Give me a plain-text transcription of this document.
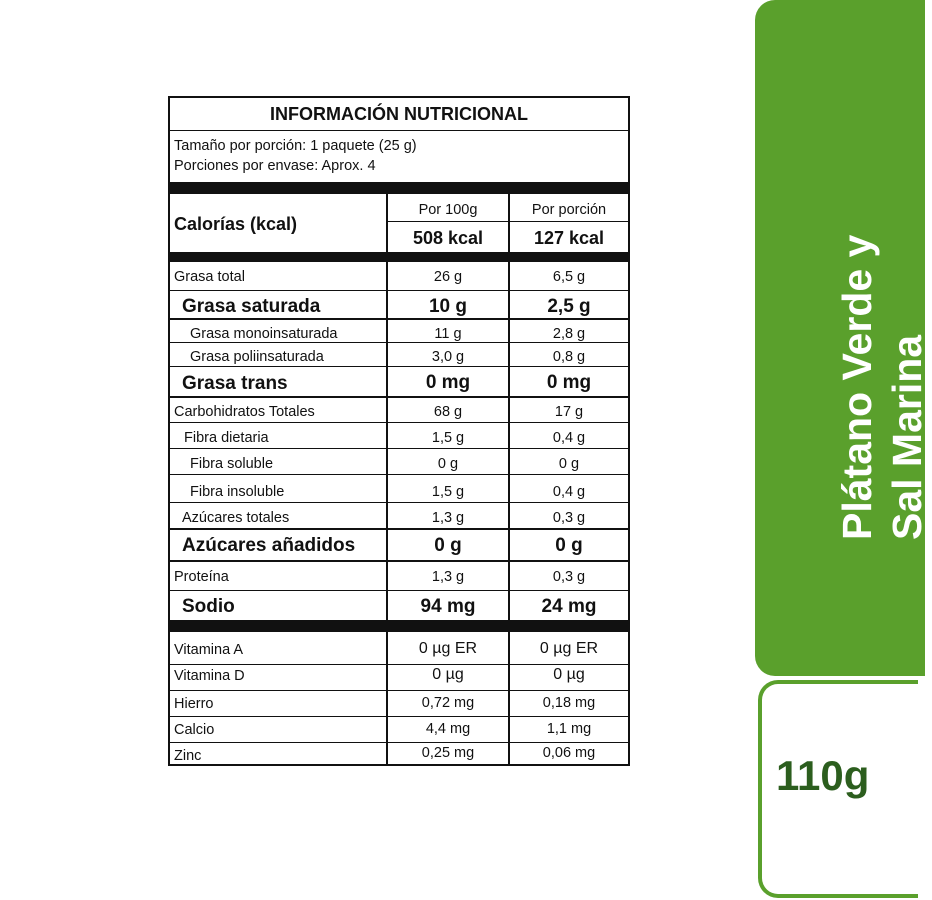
INFORMACIÓN NUTRICIONAL
Tamaño por porción: 1 paquete (25 g)
Porciones por envase: Aprox. 4
Calorías (kcal)
Por 100g	Por porción
508 kcal	127 kcal
Grasa total	26 g	6,5 g
Grasa saturada	10 g	2,5 g
Grasa monoinsaturada	11 g	2,8 g
Grasa poliinsaturada	3,0 g	0,8 g
Grasa trans	0 mg	0 mg
Carbohidratos Totales	68 g	17 g
Fibra dietaria	1,5 g	0,4 g
Fibra soluble	0 g	0 g
Fibra insoluble	1,5 g	0,4 g
Azúcares totales	1,3 g	0,3 g
Azúcares añadidos	0 g	0 g
Proteína	1,3 g	0,3 g
Sodio	94 mg	24 mg
Vitamina A	0 µg ER	0 µg ER
Vitamina D	0 µg	0 µg
Hierro	0,72 mg	0,18 mg
Calcio	4,4 mg	1,1 mg
Zinc	0,25 mg	0,06 mg
Plátano Verde y Sal Marina
110g
